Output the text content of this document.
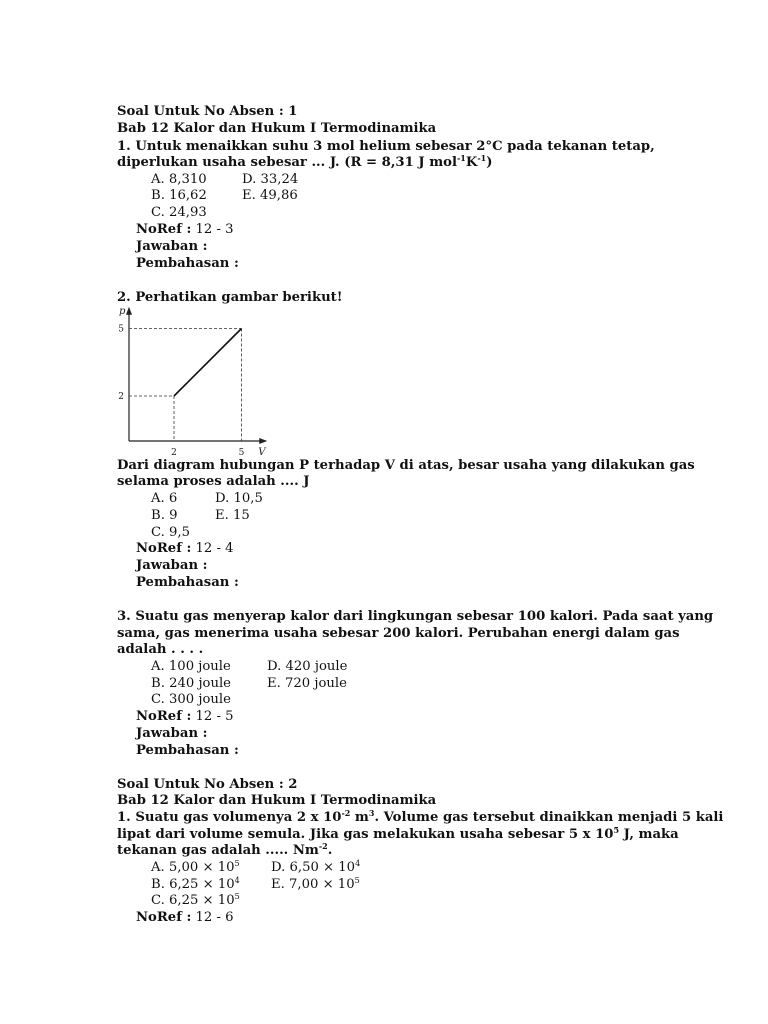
Soal Untuk No Absen : 1
Bab 12 Kalor dan Hukum I Termodinamika
1. Untuk menaikkan suhu 3 mol helium sebesar 2°C pada tekanan tetap,
diperlukan usaha sebesar ... J. (R = 8,31 J $mol^{-1}K^{-1}$)
A. 8,310	D. 33,24
B. 16,62	E. 49,86
C. 24,93
NoRef : 12 - 3
Jawaban :
Pembahasan :
2. Perhatikan gambar berikut!
2	5
2
5
V
p
Dari diagram hubungan P terhadap V di atas, besar usaha yang dilakukan gas
selama proses adalah .... J
A. 6	D. 10,5
B. 9	E. 15
C. 9,5
NoRef : 12 - 4
Jawaban :
Pembahasan :
3. Suatu gas menyerap kalor dari lingkungan sebesar 100 kalori. Pada saat yang
sama, gas menerima usaha sebesar 200 kalori. Perubahan energi dalam gas
adalah . . . .
A. 100 joule	D. 420 joule
B. 240 joule	E. 720 joule
C. 300 joule
NoRef : 12 - 5
Jawaban :
Pembahasan :
Soal Untuk No Absen : 2
Bab 12 Kalor dan Hukum I Termodinamika
1. Suatu gas volumenya 2 x $10^{-2}$ $m^3$. Volume gas tersebut dinaikkan menjadi 5 kali
lipat dari volume semula. Jika gas melakukan usaha sebesar 5 x $10^5$ J, maka
tekanan gas adalah ..... $Nm^{-2}$.
A. $5,00 \times 10^5$ D. $6,50 \times 10^4$
B. $6,25 \times 10^4$ E. $7,00 \times 10^5$
C. $6,25 \times 10^5$
NoRef : 12 - 6
